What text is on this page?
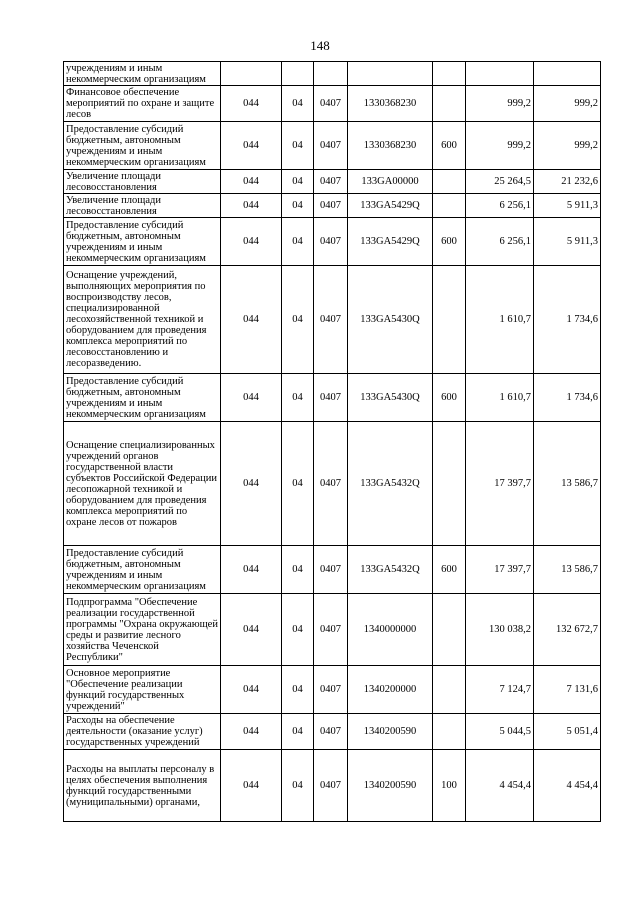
148
учреждениям и иным некоммерческим организациям							
Финансовое обеспечение мероприятий по охране и защите лесов	044	04	0407	1330368230		999,2	999,2
Предоставление субсидий бюджетным, автономным учреждениям и иным некоммерческим организациям	044	04	0407	1330368230	600	999,2	999,2
Увеличение площади лесовосстановления	044	04	0407	133GA00000		25 264,5	21 232,6
Увеличение площади лесовосстановления	044	04	0407	133GA5429Q		6 256,1	5 911,3
Предоставление субсидий бюджетным, автономным учреждениям и иным некоммерческим организациям	044	04	0407	133GA5429Q	600	6 256,1	5 911,3
Оснащение учреждений, выполняющих мероприятия по воспроизводству лесов, специализированной лесохозяйственной техникой и оборудованием для проведения комплекса мероприятий по лесовосстановлению и лесоразведению.	044	04	0407	133GA5430Q		1 610,7	1 734,6
Предоставление субсидий бюджетным, автономным учреждениям и иным некоммерческим организациям	044	04	0407	133GA5430Q	600	1 610,7	1 734,6
Оснащение специализированных учреждений органов государственной власти субъектов Российской Федерации лесопожарной техникой и оборудованием для проведения комплекса мероприятий по охране лесов от пожаров	044	04	0407	133GA5432Q		17 397,7	13 586,7
Предоставление субсидий бюджетным, автономным учреждениям и иным некоммерческим организациям	044	04	0407	133GA5432Q	600	17 397,7	13 586,7
Подпрограмма "Обеспечение реализации государственной программы "Охрана окружающей среды и развитие лесного хозяйства Чеченской Республики"	044	04	0407	1340000000		130 038,2	132 672,7
Основное мероприятие "Обеспечение реализации функций государственных учреждений"	044	04	0407	1340200000		7 124,7	7 131,6
Расходы на обеспечение деятельности (оказание услуг) государственных учреждений	044	04	0407	1340200590		5 044,5	5 051,4
Расходы на выплаты персоналу в целях обеспечения выполнения функций государственными (муниципальными) органами,	044	04	0407	1340200590	100	4 454,4	4 454,4
